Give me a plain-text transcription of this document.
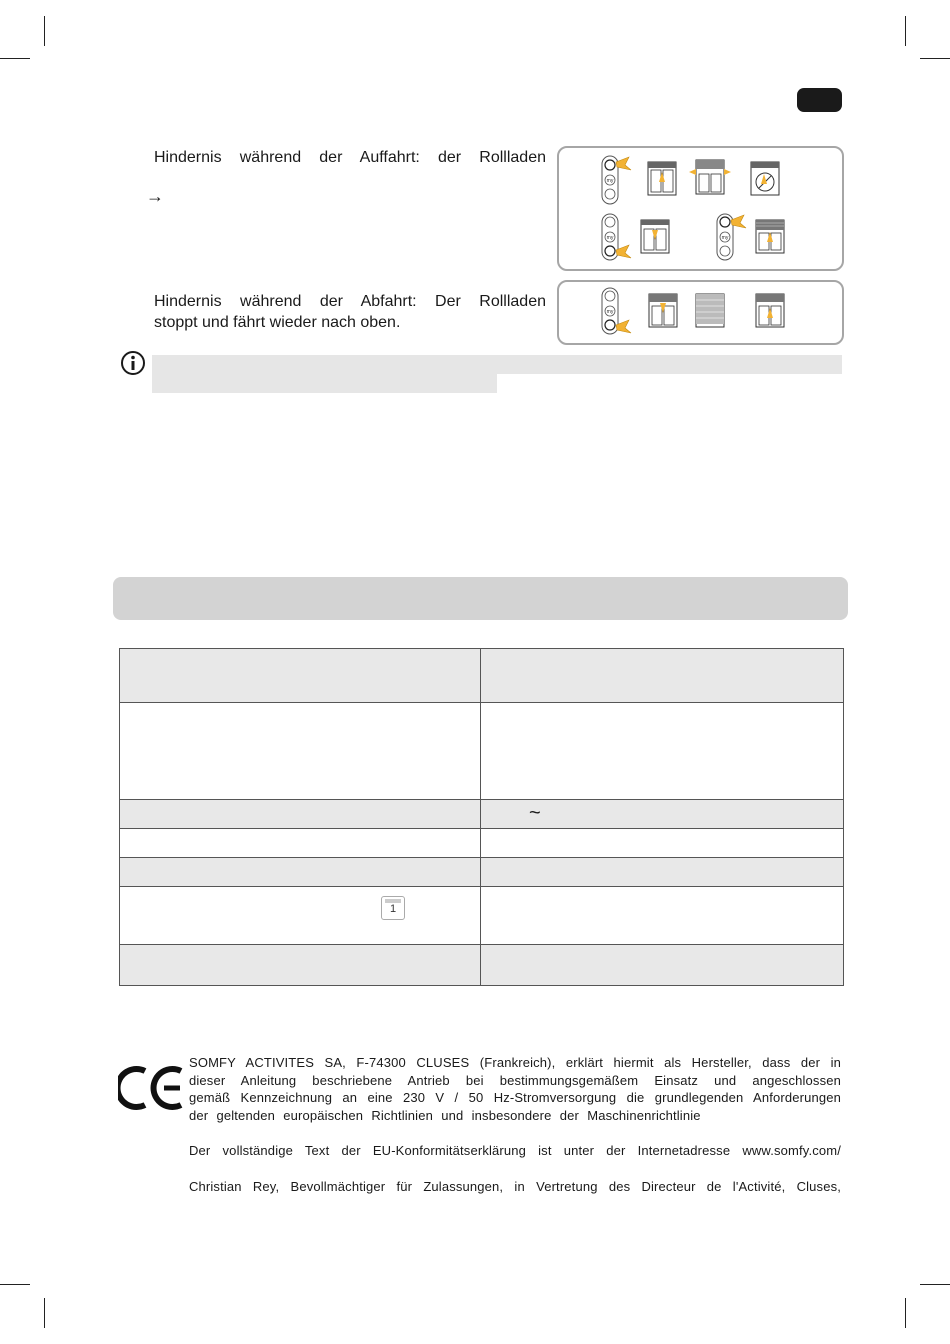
Hindernis während der Auffahrt: der Rollladen
→
my
my	my
Hindernis während der Abfahrt: Der Rollladen
stoppt und fährt wieder nach oben.
my

	~

1	

SOMFY ACTIVITES SA, F-74300 CLUSES (Frankreich), erklärt hiermit als Hersteller, dass der in
dieser Anleitung beschriebene Antrieb bei bestimmungsgemäßem Einsatz und angeschlossen
gemäß Kennzeichnung an eine 230 V / 50 Hz-Stromversorgung die grundlegenden Anforderungen
der geltenden europäischen Richtlinien und insbesondere der Maschinenrichtlinie
Der vollständige Text der EU-Konformitätserklärung ist unter der Internetadresse www.somfy.com/
Christian Rey, Bevollmächtiger für Zulassungen, in Vertretung des Directeur de l'Activité, Cluses,
